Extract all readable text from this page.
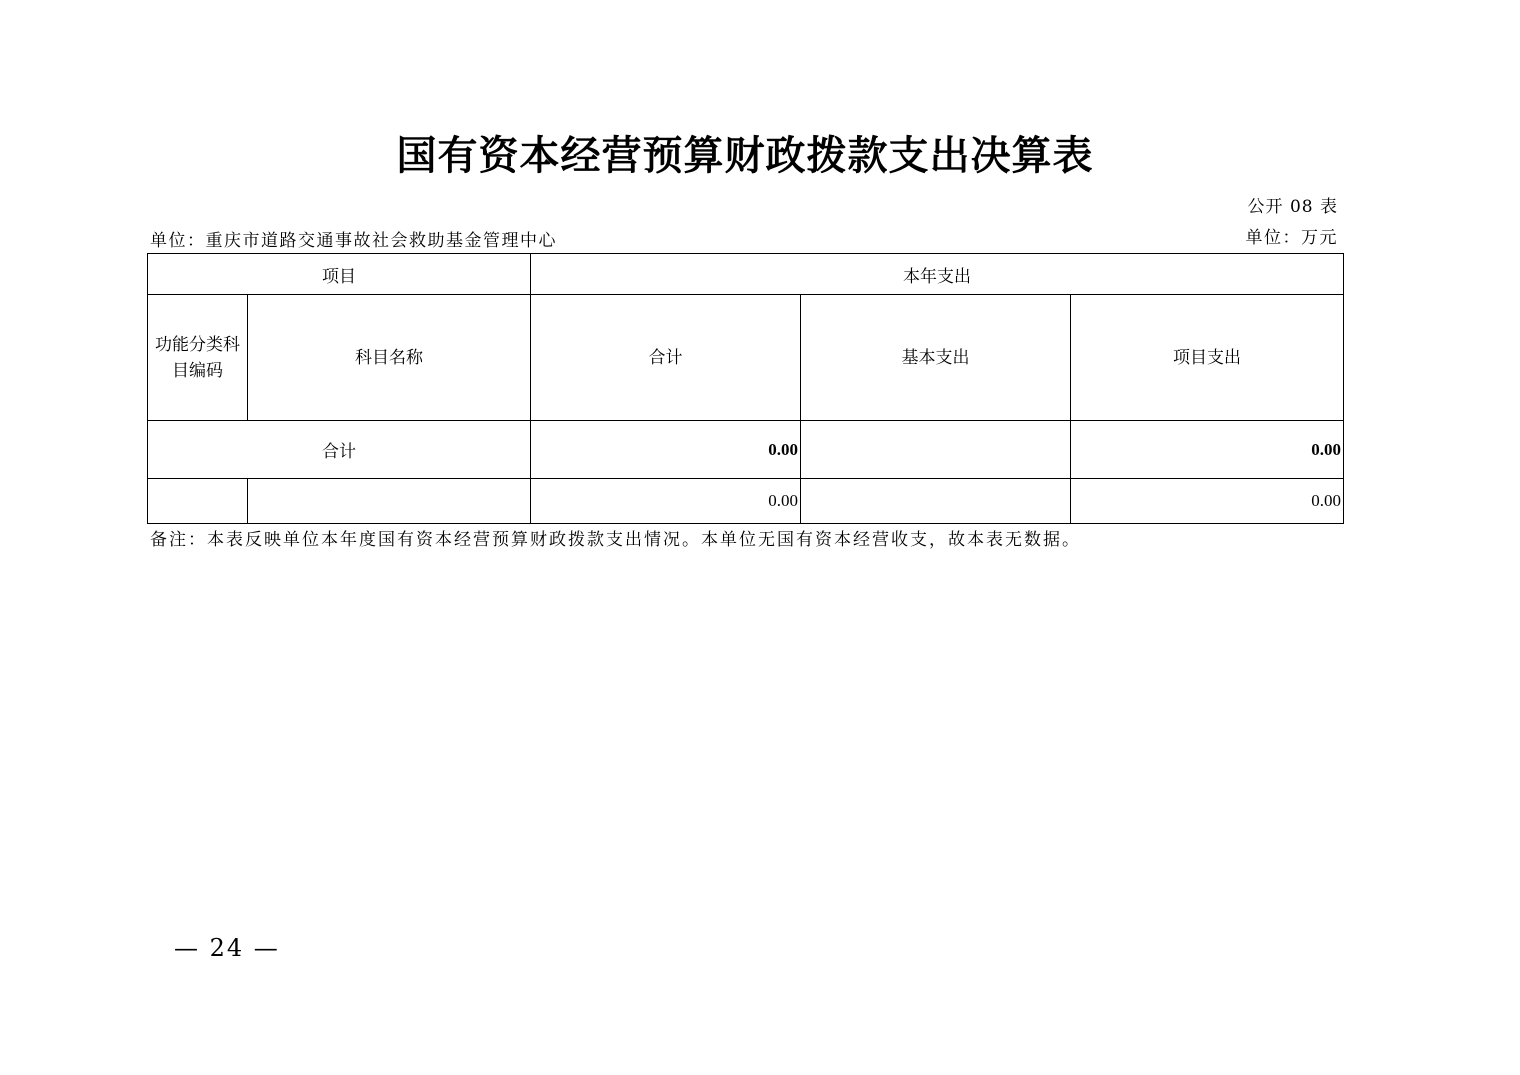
国有资本经营预算财政拨款支出决算表
公开 08 表
单位：重庆市道路交通事故社会救助基金管理中心	单位：万元
项目		本年支出		
功能分类科目编码	科目名称	合计	基本支出	项目支出
合计		0.00		0.00
		0.00		0.00
备注：本表反映单位本年度国有资本经营预算财政拨款支出情况。本单位无国有资本经营收支，故本表无数据。
— 24 —
